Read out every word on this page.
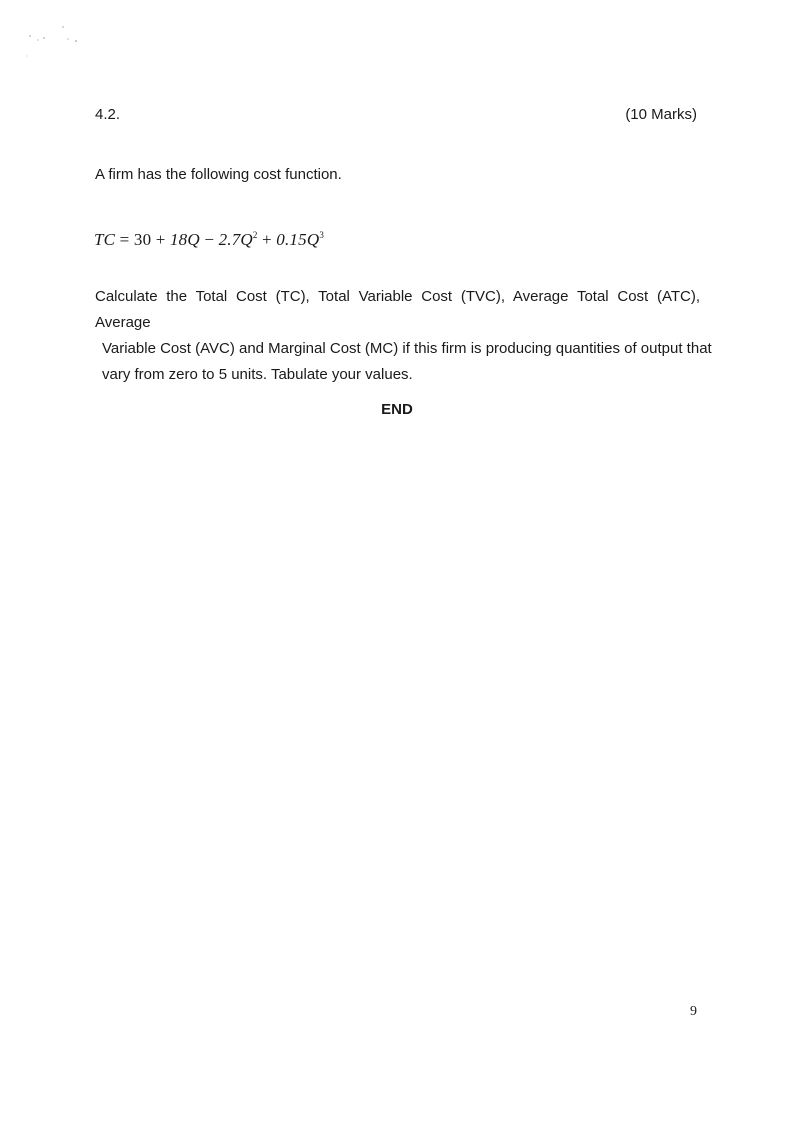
4.2.	(10 Marks)
A firm has the following cost function.
TC = $30 + 18Q - 2.7Q^2 + 0.15Q^3$
Calculate the Total Cost (TC), Total Variable Cost (TVC), Average Total Cost (ATC), Average
Variable Cost (AVC) and Marginal Cost (MC) if this firm is producing quantities of output that
vary from zero to 5 units. Tabulate your values.
END
9
